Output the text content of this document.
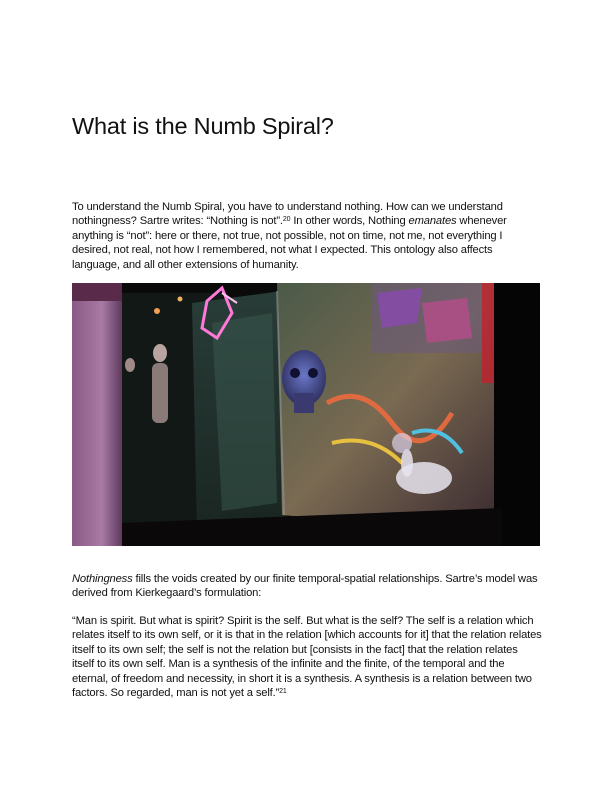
What is the Numb Spiral?

To understand the Numb Spiral, you have to understand nothing. How can we understand nothingness? Sartre writes: “Nothing is not”.$^{20}$ In other words, Nothing emanates whenever anything is “not”: here or there, not true, not possible, not on time, not me, not everything I desired, not real, not how I remembered, not what I expected. This ontology also affects language, and all other extensions of humanity.

Nothingness fills the voids created by our finite temporal-spatial relationships. Sartre’s model was derived from Kierkegaard’s formulation:

“Man is spirit. But what is spirit? Spirit is the self. But what is the self? The self is a relation which relates itself to its own self, or it is that in the relation [which accounts for it] that the relation relates itself to its own self; the self is not the relation but [consists in the fact] that the relation relates itself to its own self. Man is a synthesis of the infinite and the finite, of the temporal and the eternal, of freedom and necessity, in short it is a synthesis. A synthesis is a relation between two factors. So regarded, man is not yet a self.”$^{21}$
